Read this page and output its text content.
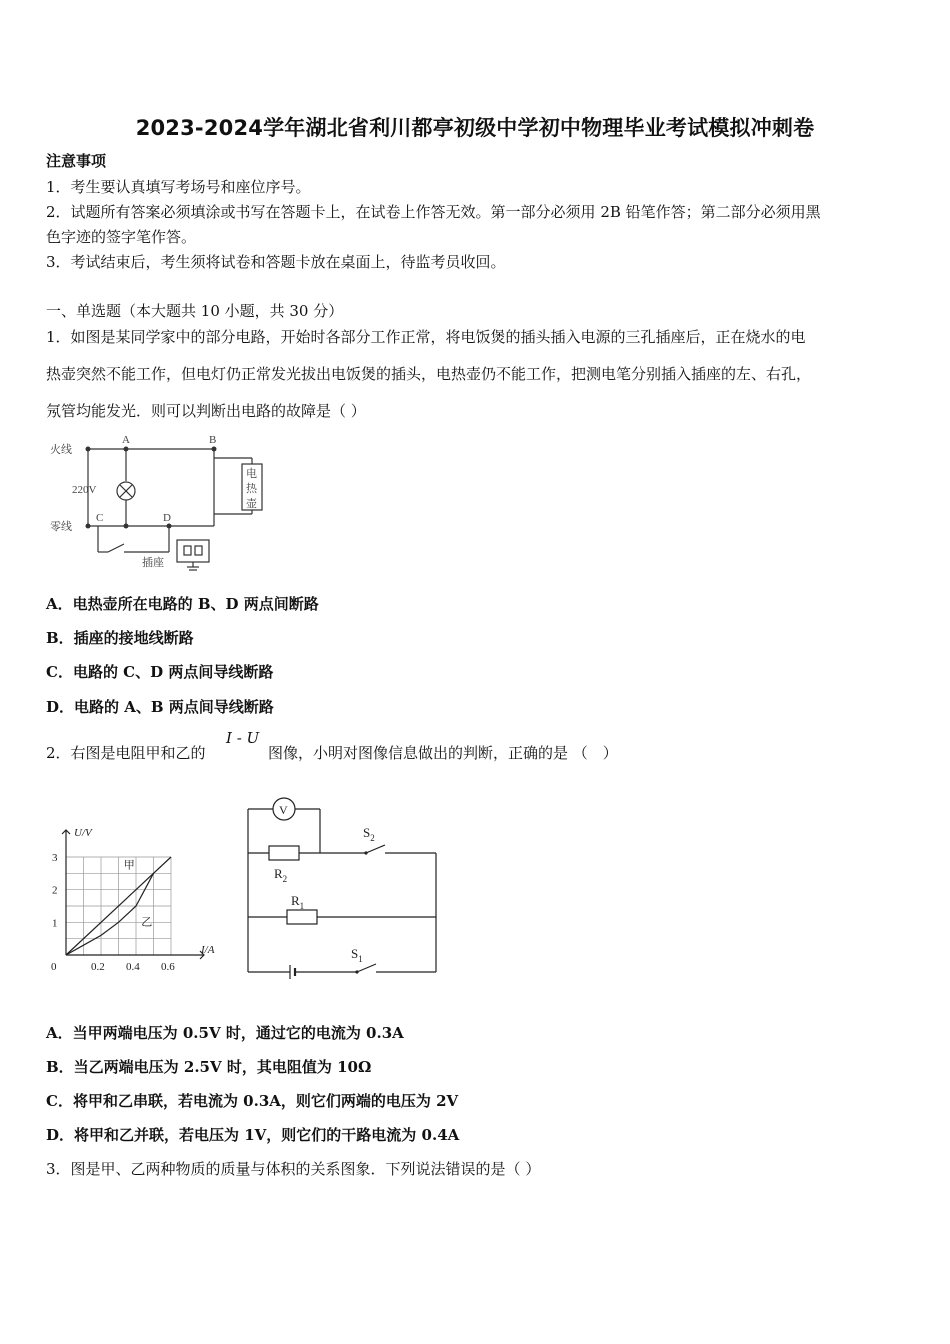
2023-2024学年湖北省利川都亭初级中学初中物理毕业考试模拟冲刺卷
注意事项
1．考生要认真填写考场号和座位序号。
2．试题所有答案必须填涂或书写在答题卡上，在试卷上作答无效。第一部分必须用 2B 铅笔作答；第二部分必须用黑
色字迹的签字笔作答。
3．考试结束后，考生须将试卷和答题卡放在桌面上，待监考员收回。
一、单选题（本大题共 10 小题，共 30 分）
1．如图是某同学家中的部分电路，开始时各部分工作正常，将电饭煲的插头插入电源的三孔插座后，正在烧水的电
热壶突然不能工作，但电灯仍正常发光拔出电饭煲的插头，电热壶仍不能工作，把测电笔分别插入插座的左、右孔，
氖管均能发光．则可以判断出电路的故障是（ ）
火线
零线
220V
A	B
C	D
电
热
壶
插座
A．电热壶所在电路的 B、D 两点间断路
B．插座的接地线断路
C．电路的 C、D 两点间导线断路
D．电路的 A、B 两点间导线断路
2．右图是电阻甲和乙的
I - U
图像，小明对图像信息做出的判断，正确的是 （　）
0	0.2 0.4 0.6
1
2
3
U/V
I/A
甲
乙
V
$R_2$
$R_1$
$S_2$
$S_1$
A．当甲两端电压为 0.5V 时，通过它的电流为 0.3A
B．当乙两端电压为 2.5V 时，其电阻值为 10Ω
C．将甲和乙串联，若电流为 0.3A，则它们两端的电压为 2V
D．将甲和乙并联，若电压为 1V，则它们的干路电流为 0.4A
3．图是甲、乙两种物质的质量与体积的关系图象．下列说法错误的是（ ）
